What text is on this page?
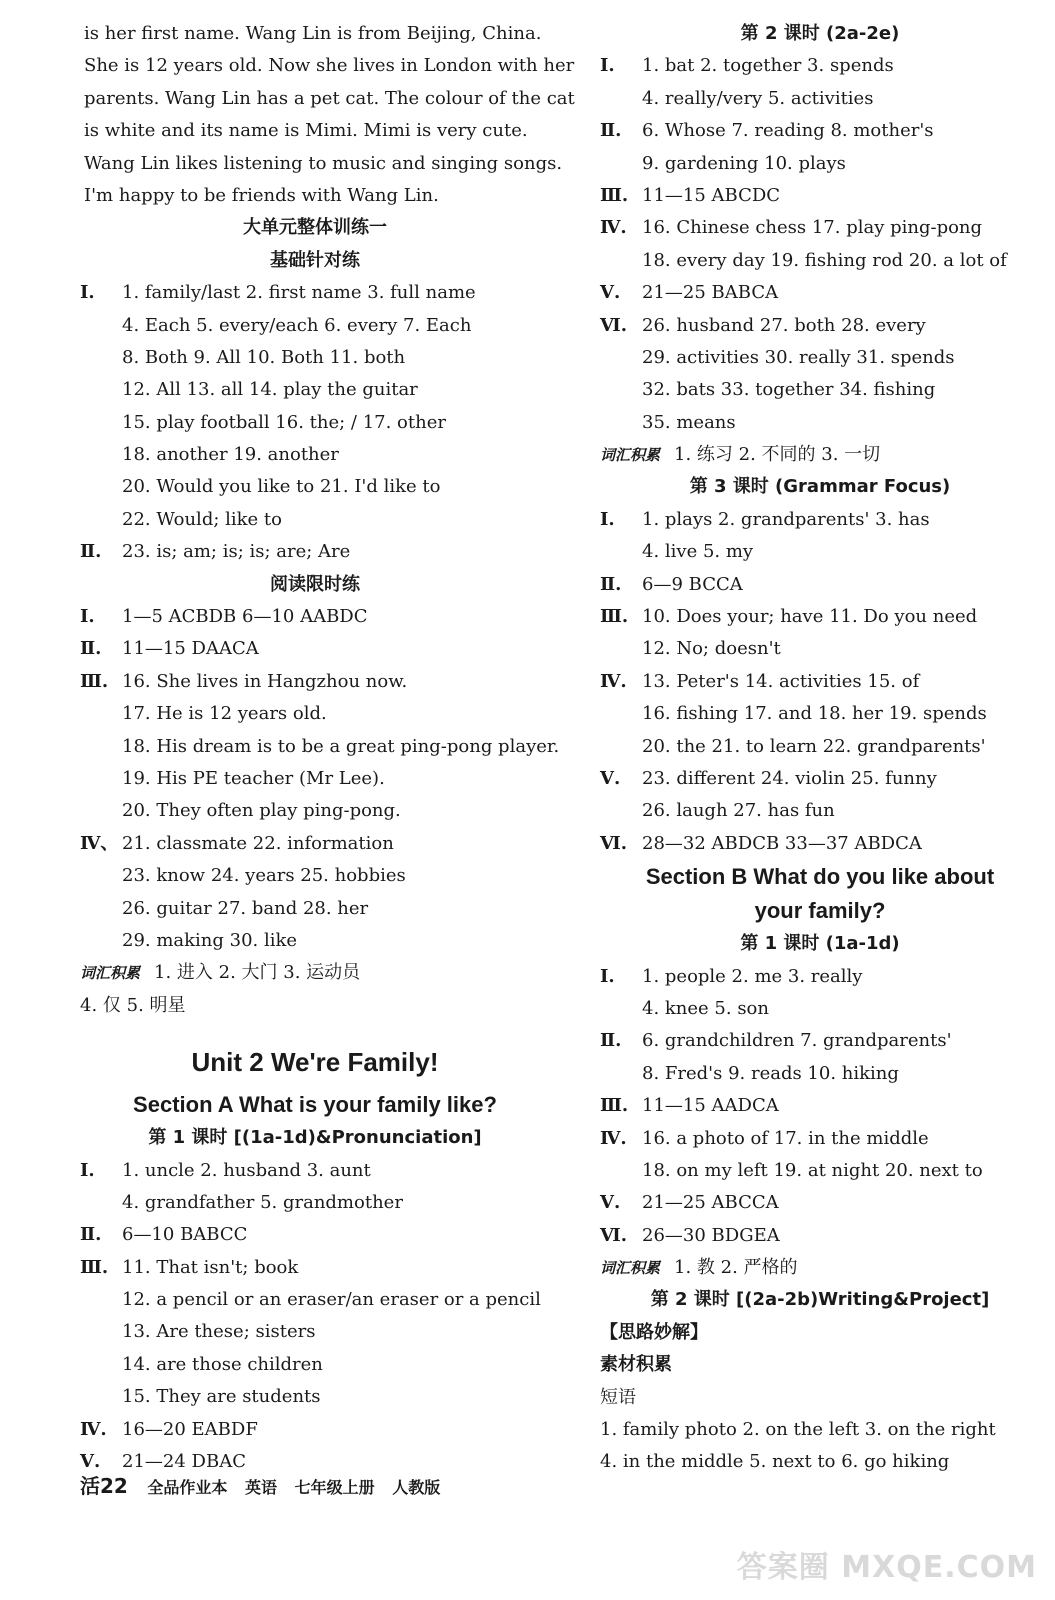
is her first name. Wang Lin is from Beijing, China.
She is 12 years old. Now she lives in London with her
parents. Wang Lin has a pet cat. The colour of the cat
is white and its name is Mimi. Mimi is very cute.
Wang Lin likes listening to music and singing songs.
I'm happy to be friends with Wang Lin.
大单元整体训练一
基础针对练
Ⅰ. 1. family/last 2. first name 3. full name
4. Each 5. every/each 6. every 7. Each
8. Both 9. All 10. Both 11. both
12. All 13. all 14. play the guitar
15. play football 16. the; / 17. other
18. another 19. another
20. Would you like to 21. I'd like to
22. Would; like to
Ⅱ. 23. is; am; is; is; are; Are
阅读限时练
Ⅰ. 1—5 ACBDB 6—10 AABDC
Ⅱ. 11—15 DAACA
Ⅲ. 16. She lives in Hangzhou now.
17. He is 12 years old.
18. His dream is to be a great ping-pong player.
19. His PE teacher (Mr Lee).
20. They often play ping-pong.
Ⅳ、 21. classmate 22. information
23. know 24. years 25. hobbies
26. guitar 27. band 28. her
29. making 30. like
词汇积累 1. 进入 2. 大门 3. 运动员
4. 仅 5. 明星
Unit 2 We're Family!
Section A What is your family like?
第 1 课时 [(1a-1d)&Pronunciation]
Ⅰ. 1. uncle 2. husband 3. aunt
4. grandfather 5. grandmother
Ⅱ. 6—10 BABCC
Ⅲ. 11. That isn't; book
12. a pencil or an eraser/an eraser or a pencil
13. Are these; sisters
14. are those children
15. They are students
Ⅳ. 16—20 EABDF
Ⅴ. 21—24 DBAC
第 2 课时 (2a-2e)
Ⅰ. 1. bat 2. together 3. spends
4. really/very 5. activities
Ⅱ. 6. Whose 7. reading 8. mother's
9. gardening 10. plays
Ⅲ. 11—15 ABCDC
Ⅳ. 16. Chinese chess 17. play ping-pong
18. every day 19. fishing rod 20. a lot of
Ⅴ. 21—25 BABCA
Ⅵ. 26. husband 27. both 28. every
29. activities 30. really 31. spends
32. bats 33. together 34. fishing
35. means
词汇积累 1. 练习 2. 不同的 3. 一切
第 3 课时 (Grammar Focus)
Ⅰ. 1. plays 2. grandparents' 3. has
4. live 5. my
Ⅱ. 6—9 BCCA
Ⅲ. 10. Does your; have 11. Do you need
12. No; doesn't
Ⅳ. 13. Peter's 14. activities 15. of
16. fishing 17. and 18. her 19. spends
20. the 21. to learn 22. grandparents'
Ⅴ. 23. different 24. violin 25. funny
26. laugh 27. has fun
Ⅵ. 28—32 ABDCB 33—37 ABDCA
Section B What do you like about
your family?
第 1 课时 (1a-1d)
Ⅰ. 1. people 2. me 3. really
4. knee 5. son
Ⅱ. 6. grandchildren 7. grandparents'
8. Fred's 9. reads 10. hiking
Ⅲ. 11—15 AADCA
Ⅳ. 16. a photo of 17. in the middle
18. on my left 19. at night 20. next to
Ⅴ. 21—25 ABCCA
Ⅵ. 26—30 BDGEA
词汇积累 1. 教 2. 严格的
第 2 课时 [(2a-2b)Writing&Project]
【思路妙解】
素材积累
短语
1. family photo 2. on the left 3. on the right
4. in the middle 5. next to 6. go hiking
活22 全品作业本 英语 七年级上册 人教版
答案圈 MXQE.COM
